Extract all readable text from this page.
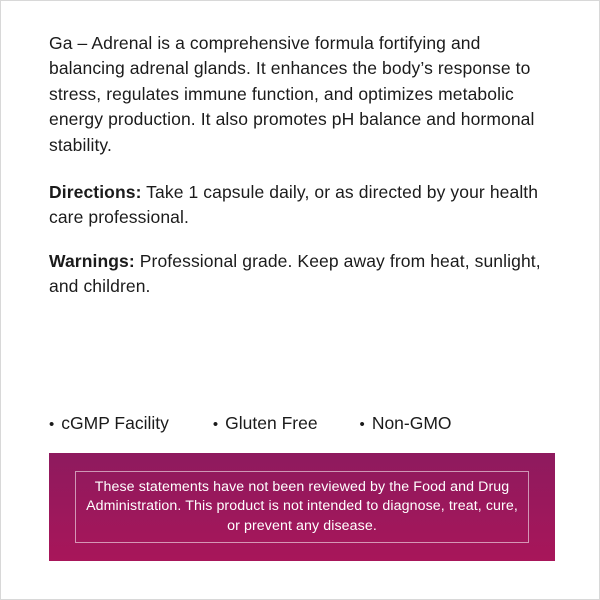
Ga – Adrenal is a comprehensive formula fortifying and balancing adrenal glands. It enhances the body’s response to stress, regulates immune function, and optimizes metabolic energy production. It also promotes pH balance and hormonal stability.

Directions: Take 1 capsule daily, or as directed by your health care professional.

Warnings: Professional grade. Keep away from heat, sunlight, and children.

• cGMP Facility	• Gluten Free	• Non-GMO
These statements have not been reviewed by the Food and Drug Administration. This product is not intended to diagnose, treat, cure, or prevent any disease.
